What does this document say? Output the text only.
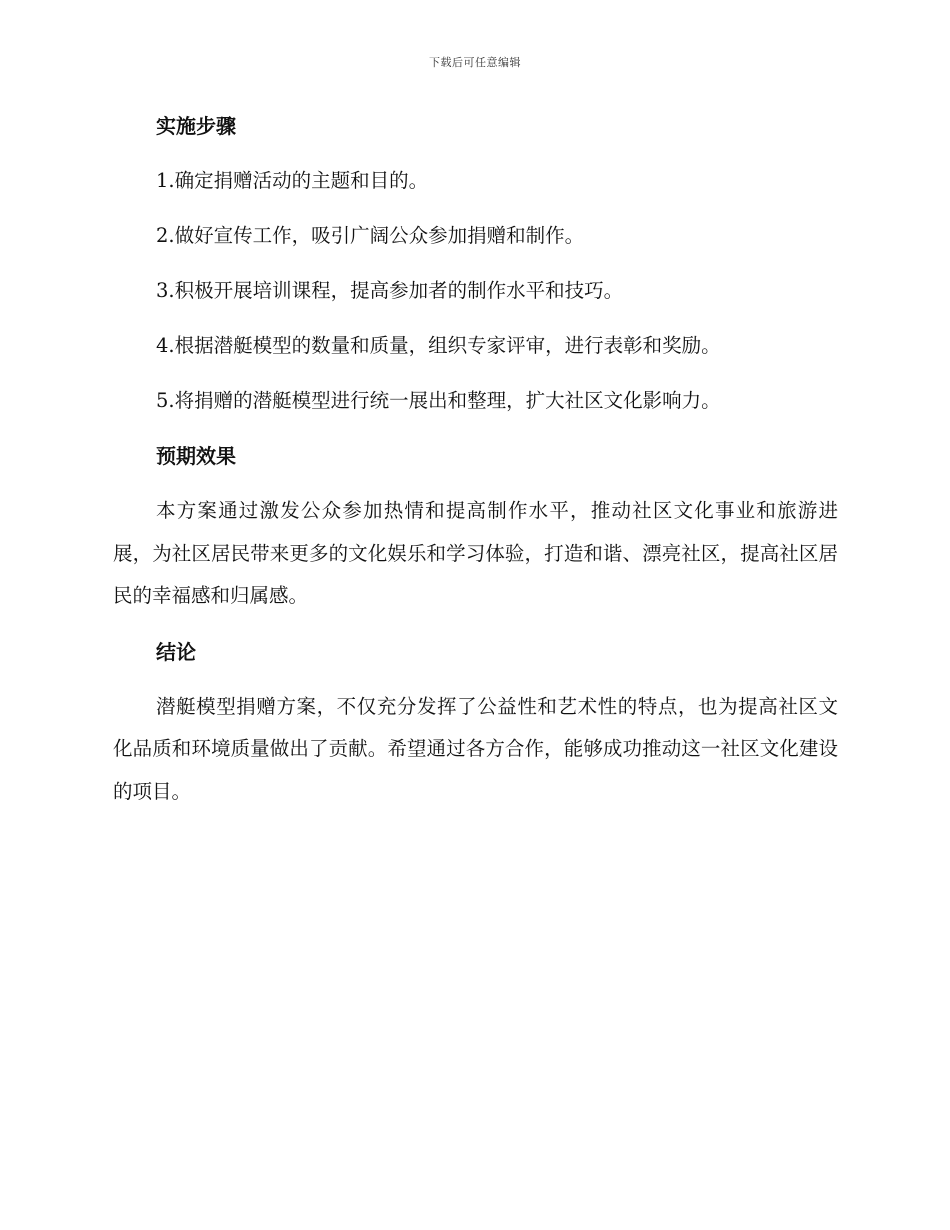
下载后可任意编辑
实施步骤

1.确定捐赠活动的主题和目的。

2.做好宣传工作，吸引广阔公众参加捐赠和制作。

3.积极开展培训课程，提高参加者的制作水平和技巧。

4.根据潜艇模型的数量和质量，组织专家评审，进行表彰和奖励。

5.将捐赠的潜艇模型进行统一展出和整理，扩大社区文化影响力。

预期效果

本方案通过激发公众参加热情和提高制作水平，推动社区文化事业和旅游进展，为社区居民带来更多的文化娱乐和学习体验，打造和谐、漂亮社区，提高社区居民的幸福感和归属感。

结论

潜艇模型捐赠方案，不仅充分发挥了公益性和艺术性的特点，也为提高社区文化品质和环境质量做出了贡献。希望通过各方合作，能够成功推动这一社区文化建设的项目。
